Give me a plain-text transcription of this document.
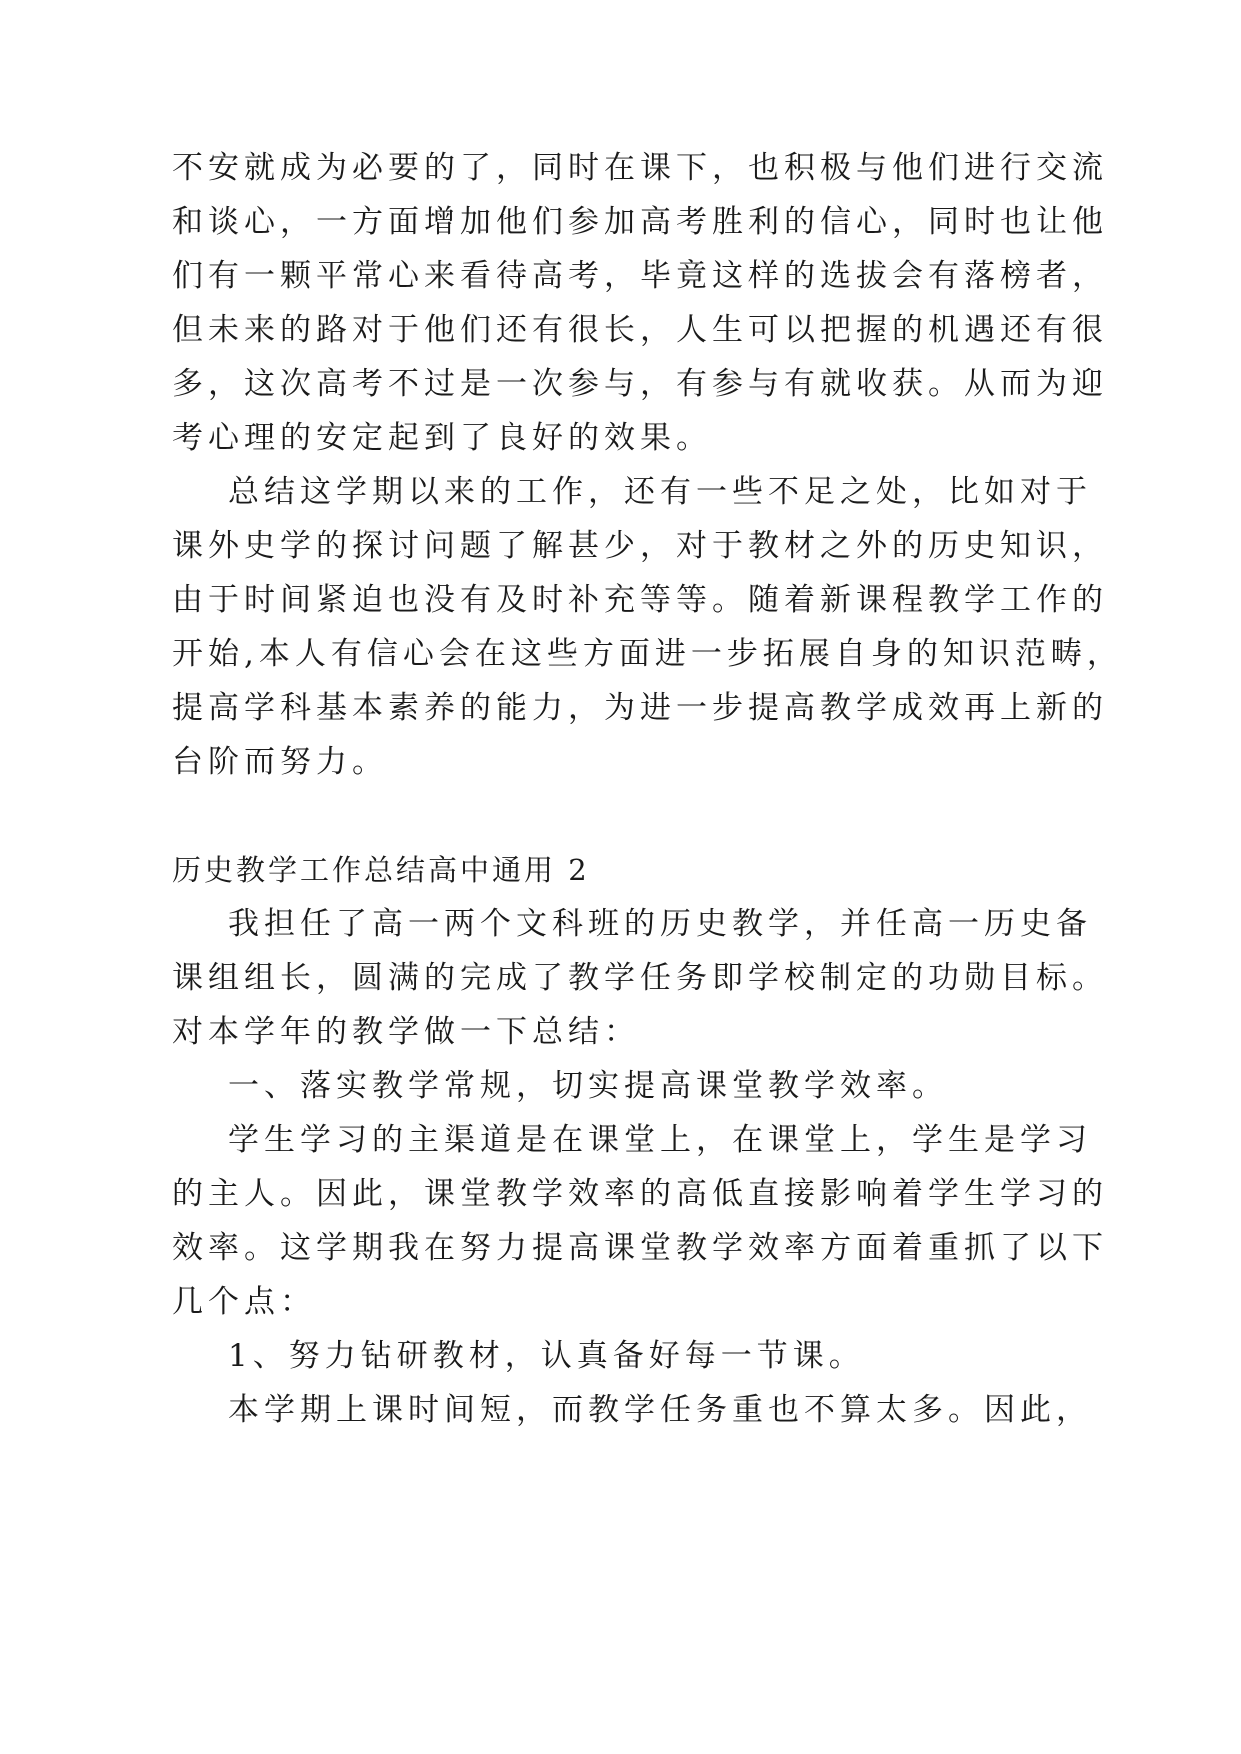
不安就成为必要的了，同时在课下，也积极与他们进行交流

和谈心，一方面增加他们参加高考胜利的信心，同时也让他

们有一颗平常心来看待高考，毕竟这样的选拔会有落榜者，

但未来的路对于他们还有很长，人生可以把握的机遇还有很

多，这次高考不过是一次参与，有参与有就收获。从而为迎

考心理的安定起到了良好的效果。

总结这学期以来的工作，还有一些不足之处，比如对于

课外史学的探讨问题了解甚少，对于教材之外的历史知识，

由于时间紧迫也没有及时补充等等。随着新课程教学工作的

开始,本人有信心会在这些方面进一步拓展自身的知识范畴，

提高学科基本素养的能力，为进一步提高教学成效再上新的

台阶而努力。

历史教学工作总结高中通用 2

我担任了高一两个文科班的历史教学，并任高一历史备

课组组长，圆满的完成了教学任务即学校制定的功勋目标。

对本学年的教学做一下总结：

一、落实教学常规，切实提高课堂教学效率。

学生学习的主渠道是在课堂上，在课堂上，学生是学习

的主人。因此，课堂教学效率的高低直接影响着学生学习的

效率。这学期我在努力提高课堂教学效率方面着重抓了以下

几个点：

1、努力钻研教材，认真备好每一节课。

本学期上课时间短，而教学任务重也不算太多。因此，
